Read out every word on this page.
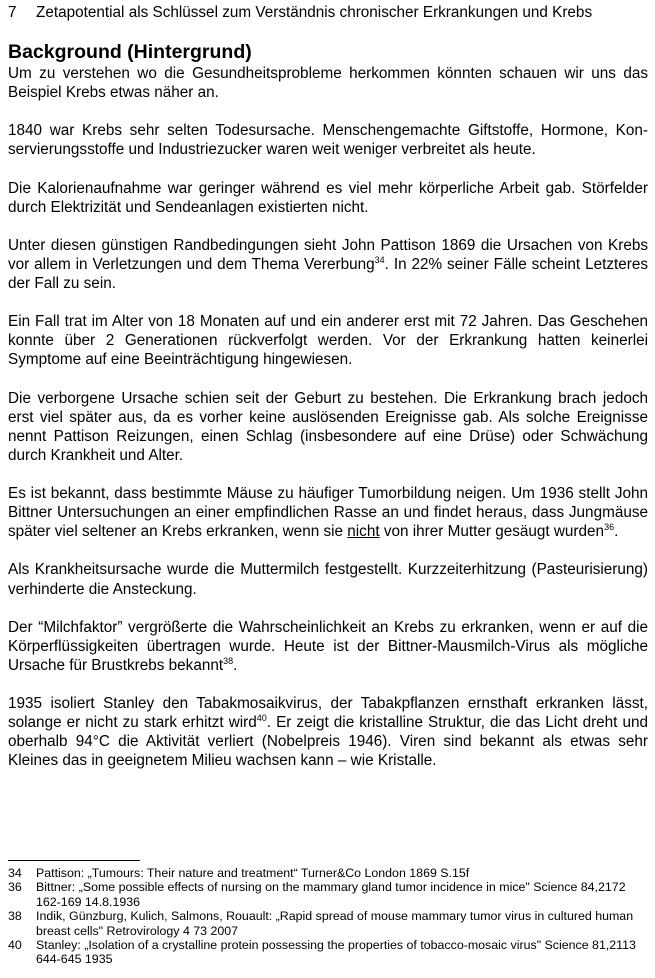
7 Zetapotential als Schlüssel zum Verständnis chronischer Erkrankungen und Krebs
Background (Hintergrund)

Um zu verstehen wo die Gesundheitsprobleme herkommen könnten schauen wir uns das Beispiel Krebs etwas näher an.

1840 war Krebs sehr selten Todesursache. Menschengemachte Giftstoffe, Hormone, Konservierungsstoffe und Industriezucker waren weit weniger verbreitet als heute.

Die Kalorienaufnahme war geringer während es viel mehr körperliche Arbeit gab. Störfelder durch Elektrizität und Sendeanlagen existierten nicht.

Unter diesen günstigen Randbedingungen sieht John Pattison 1869 die Ursachen von Krebs vor allem in Verletzungen und dem Thema Vererbung$^{34}$. In 22% seiner Fälle scheint Letzteres der Fall zu sein.

Ein Fall trat im Alter von 18 Monaten auf und ein anderer erst mit 72 Jahren. Das Geschehen konnte über 2 Generationen rückverfolgt werden. Vor der Erkrankung hatten keinerlei Symptome auf eine Beeinträchtigung hingewiesen.

Die verborgene Ursache schien seit der Geburt zu bestehen. Die Erkrankung brach jedoch erst viel später aus, da es vorher keine auslösenden Ereignisse gab. Als solche Ereignisse nennt Pattison Reizungen, einen Schlag (insbesondere auf eine Drüse) oder Schwächung durch Krankheit und Alter.

Es ist bekannt, dass bestimmte Mäuse zu häufiger Tumorbildung neigen. Um 1936 stellt John Bittner Untersuchungen an einer empfindlichen Rasse an und findet heraus, dass Jungmäuse später viel seltener an Krebs erkranken, wenn sie nicht von ihrer Mutter gesäugt wurden$^{36}$.

Als Krankheitsursache wurde die Muttermilch festgestellt. Kurzzeiterhitzung (Pasteurisierung) verhinderte die Ansteckung.

Der “Milchfaktor” vergrößerte die Wahrscheinlichkeit an Krebs zu erkranken, wenn er auf die Körperflüssigkeiten übertragen wurde. Heute ist der Bittner-Mausmilch-Virus als mögliche Ursache für Brustkrebs bekannt$^{38}$.

1935 isoliert Stanley den Tabakmosaikvirus, der Tabakpflanzen ernsthaft erkranken lässt, solange er nicht zu stark erhitzt wird$^{40}$. Er zeigt die kristalline Struktur, die das Licht dreht und oberhalb 94°C die Aktivität verliert (Nobelpreis 1946). Viren sind bekannt als etwas sehr Kleines das in geeignetem Milieu wachsen kann – wie Kristalle.

34	Pattison: „Tumours: Their nature and treatment“ Turner&Co London 1869 S.15f
36	Bittner: „Some possible effects of nursing on the mammary gland tumor incidence in mice" Science 84,2172 162-169 14.8.1936
38	Indik, Günzburg, Kulich, Salmons, Rouault: „Rapid spread of mouse mammary tumor virus in cultured human breast cells" Retrovirology 4 73 2007
40	Stanley: „Isolation of a crystalline protein possessing the properties of tobacco-mosaic virus" Science 81,2113 644-645 1935
